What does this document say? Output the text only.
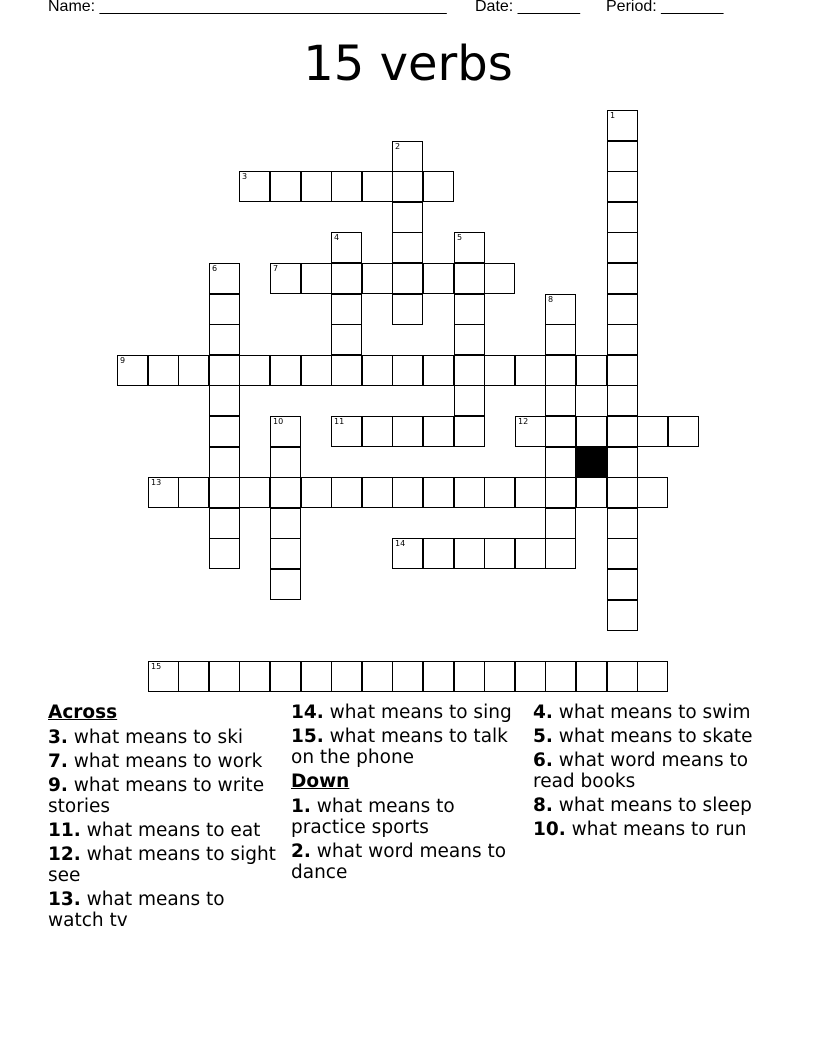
Name: _______________________________________ Date: _______ Period: _______
15 verbs
1
2
3
4	5
6	7
8
9
10	11	12
13
14
15
Across
3. what means to ski
7. what means to work
9. what means to write stories
11. what means to eat
12. what means to sight see
13. what means to watch tv
14. what means to sing
15. what means to talk on the phone
Down
1. what means to practice sports
2. what word means to dance
4. what means to swim
5. what means to skate
6. what word means to read books
8. what means to sleep
10. what means to run
